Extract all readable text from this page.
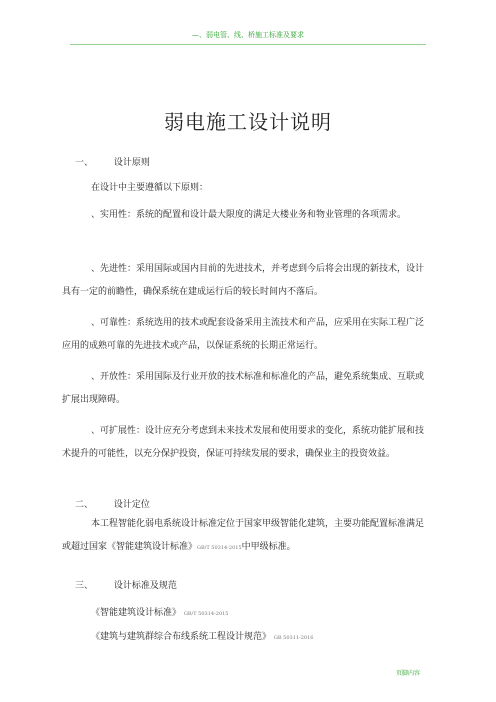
—、弱电管、线、桥施工标准及要求
弱电施工设计说明
一、 设计原则
在设计中主要遵循以下原则：
、实用性：系统的配置和设计最大限度的满足大楼业务和物业管理的各项需求。
、先进性：采用国际或国内目前的先进技术，并考虑到今后将会出现的新技术，设计具有一定的前瞻性，确保系统在建成运行后的较长时间内不落后。
、可靠性：系统选用的技术或配套设备采用主流技术和产品，应采用在实际工程广泛应用的成熟可靠的先进技术或产品，以保证系统的长期正常运行。
、开放性：采用国际及行业开放的技术标准和标准化的产品，避免系统集成、互联或扩展出现障碍。
、可扩展性：设计应充分考虑到未来技术发展和使用要求的变化，系统功能扩展和技术提升的可能性，以充分保护投资，保证可持续发展的要求，确保业主的投资效益。
二、 设计定位
本工程智能化弱电系统设计标准定位于国家甲级智能化建筑，主要功能配置标准满足或超过国家《智能建筑设计标准》GB/T 50314-2015中甲级标准。
三、 设计标准及规范
《智能建筑设计标准》 GB/T 50314-2015
《建筑与建筑群综合布线系统工程设计规范》 GB 50311-2016
页脚内容
